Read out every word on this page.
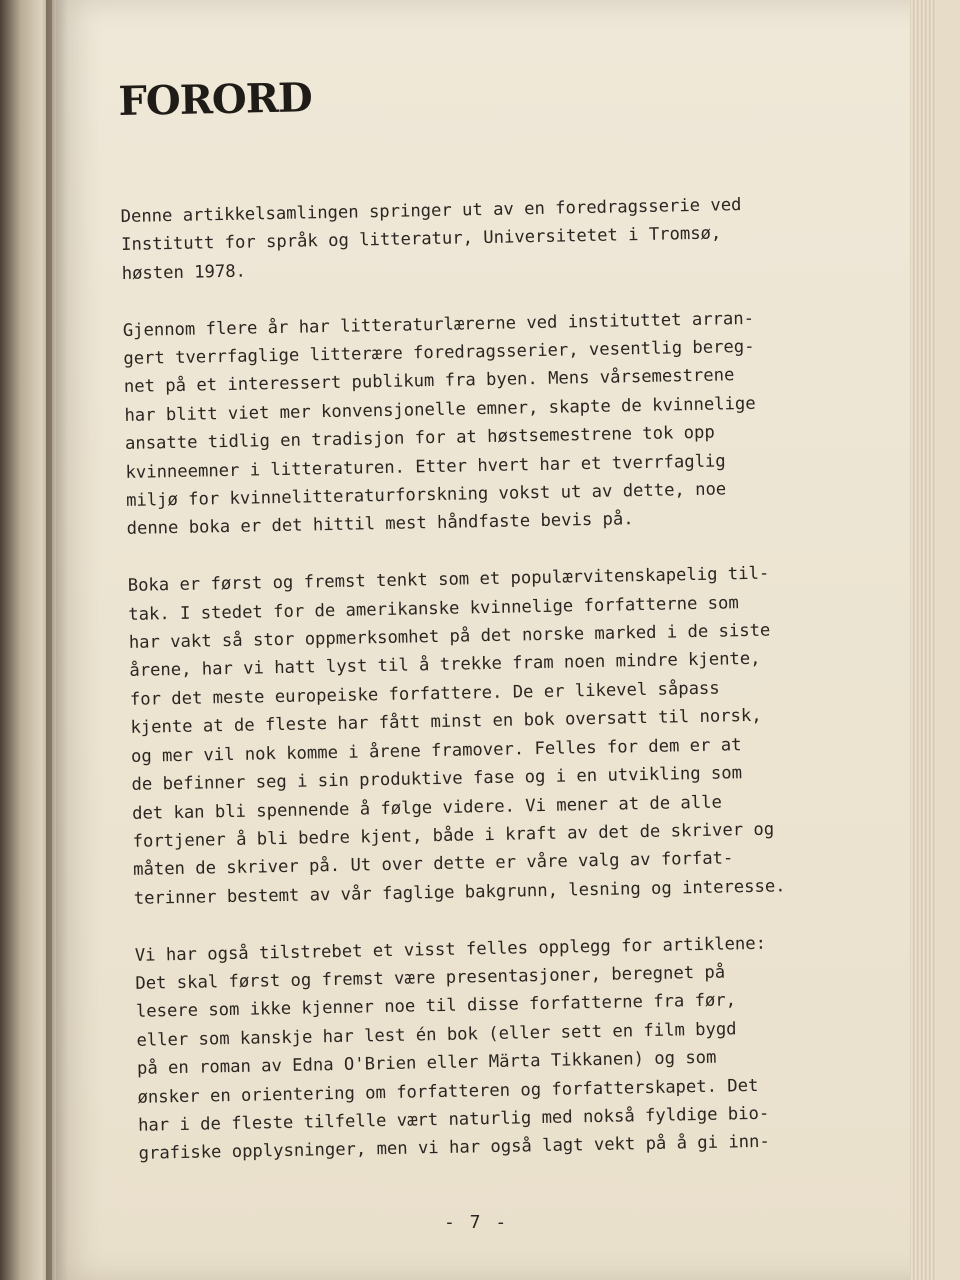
FORORD
Denne artikkelsamlingen springer ut av en foredragsserie ved
Institutt for språk og litteratur, Universitetet i Tromsø,
høsten 1978.
Gjennom flere år har litteraturlærerne ved instituttet arran-
gert tverrfaglige litterære foredragsserier, vesentlig bereg-
net på et interessert publikum fra byen. Mens vårsemestrene
har blitt viet mer konvensjonelle emner, skapte de kvinnelige
ansatte tidlig en tradisjon for at høstsemestrene tok opp
kvinneemner i litteraturen. Etter hvert har et tverrfaglig
miljø for kvinnelitteraturforskning vokst ut av dette, noe
denne boka er det hittil mest håndfaste bevis på.
Boka er først og fremst tenkt som et populærvitenskapelig til-
tak. I stedet for de amerikanske kvinnelige forfatterne som
har vakt så stor oppmerksomhet på det norske marked i de siste
årene, har vi hatt lyst til å trekke fram noen mindre kjente,
for det meste europeiske forfattere. De er likevel såpass
kjente at de fleste har fått minst en bok oversatt til norsk,
og mer vil nok komme i årene framover. Felles for dem er at
de befinner seg i sin produktive fase og i en utvikling som
det kan bli spennende å følge videre. Vi mener at de alle
fortjener å bli bedre kjent, både i kraft av det de skriver og
måten de skriver på. Ut over dette er våre valg av forfat-
terinner bestemt av vår faglige bakgrunn, lesning og interesse.
Vi har også tilstrebet et visst felles opplegg for artiklene:
Det skal først og fremst være presentasjoner, beregnet på
lesere som ikke kjenner noe til disse forfatterne fra før,
eller som kanskje har lest én bok (eller sett en film bygd
på en roman av Edna O'Brien eller Märta Tikkanen) og som
ønsker en orientering om forfatteren og forfatterskapet. Det
har i de fleste tilfelle vært naturlig med nokså fyldige bio-
grafiske opplysninger, men vi har også lagt vekt på å gi inn-
- 7 -
